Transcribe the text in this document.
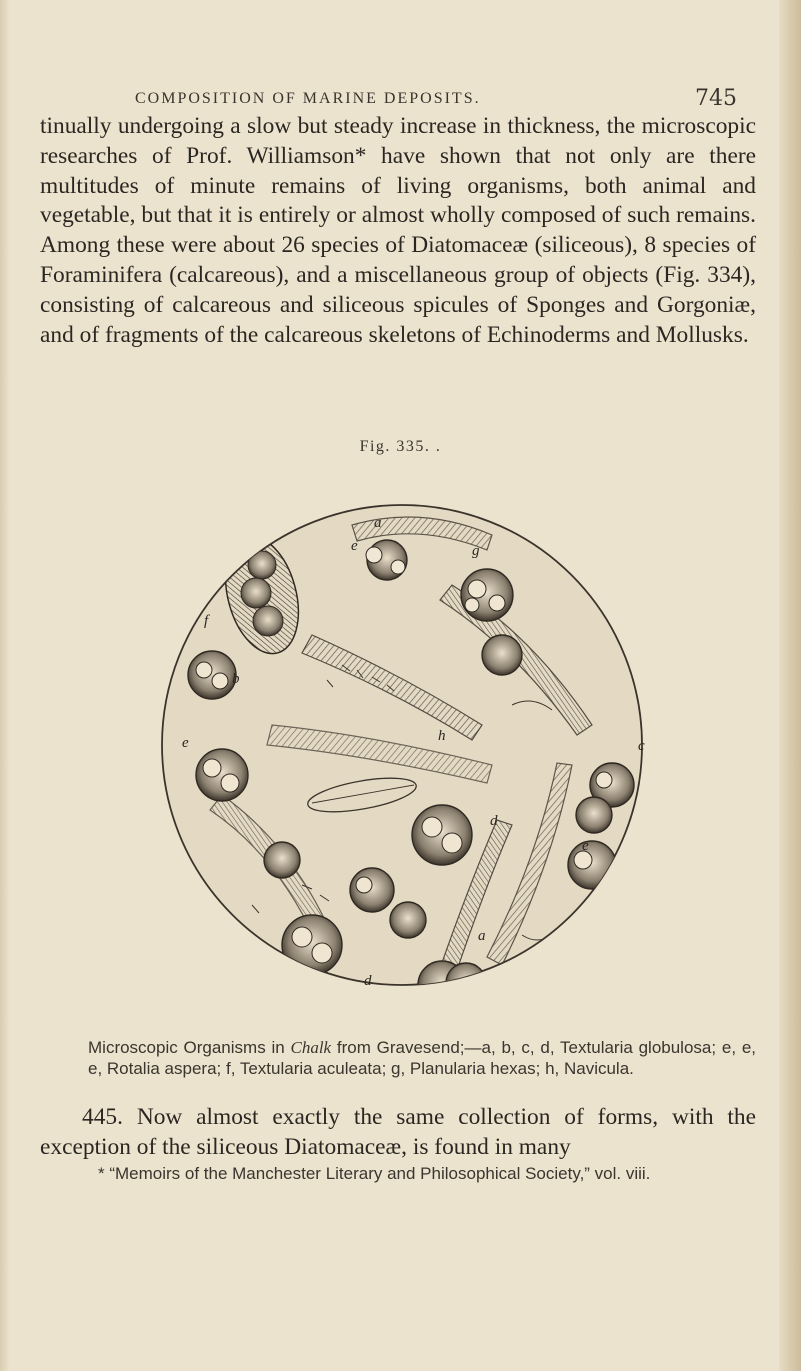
COMPOSITION OF MARINE DEPOSITS.	745

tinually undergoing a slow but steady increase in thickness, the microscopic researches of Prof. Williamson* have shown that not only are there multitudes of minute remains of living organisms, both animal and vegetable, but that it is entirely or almost wholly composed of such remains. Among these were about 26 species of Diatomaceæ (siliceous), 8 species of Foraminifera (calcareous), and a miscellaneous group of objects (Fig. 334), consisting of calcareous and siliceous spicules of Sponges and Gorgoniæ, and of fragments of the calcareous skeletons of Echinoderms and Mollusks.

Fig. 335. .
a
b
c
d
e
e
e
f
g
h
a
d

Microscopic Organisms in Chalk from Gravesend;—a, b, c, d, Textularia globulosa; e, e, e, Rotalia aspera; f, Textularia aculeata; g, Planularia hexas; h, Navicula.

445. Now almost exactly the same collection of forms, with the exception of the siliceous Diatomaceæ, is found in many

* “Memoirs of the Manchester Literary and Philosophical Society,” vol. viii.
